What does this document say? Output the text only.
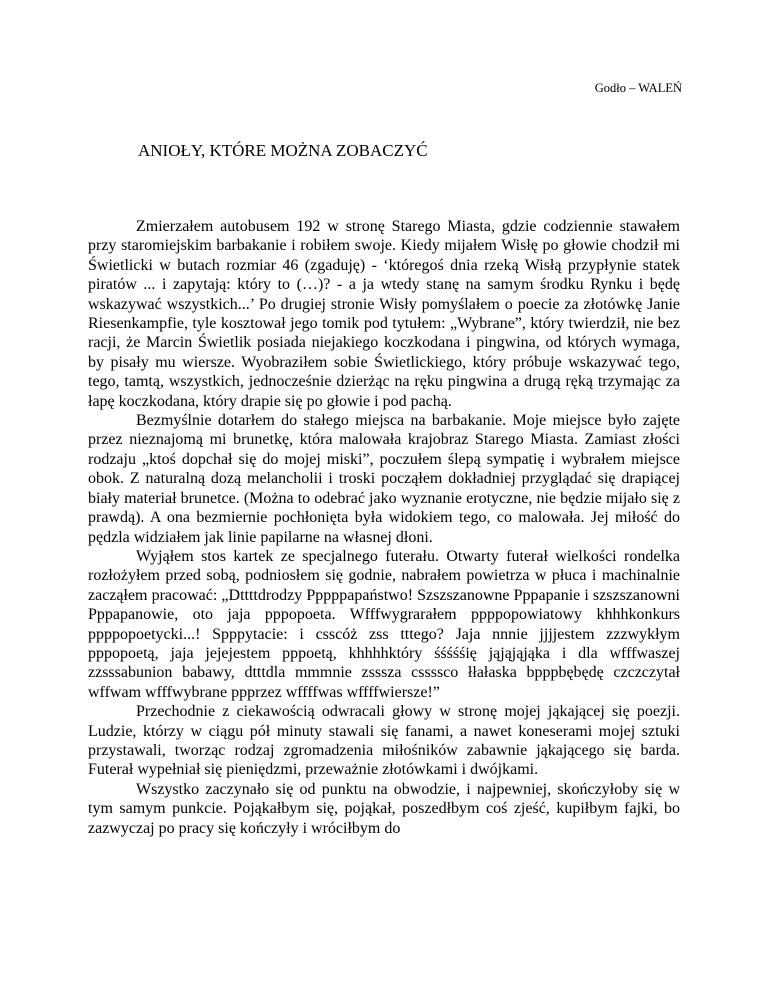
Godło – WALEŃ
ANIOŁY, KTÓRE MOŻNA ZOBACZYĆ

Zmierzałem autobusem 192 w stronę Starego Miasta, gdzie codziennie stawałem przy staromiejskim barbakanie i robiłem swoje. Kiedy mijałem Wisłę po głowie chodził mi Świetlicki w butach rozmiar 46 (zgaduję) - ‘któregoś dnia rzeką Wisłą przypłynie statek piratów ... i zapytają: który to (…)? - a ja wtedy stanę na samym środku Rynku i będę wskazywać wszystkich...’ Po drugiej stronie Wisły pomyślałem o poecie za złotówkę Janie Riesenkampfie, tyle kosztował jego tomik pod tytułem: „Wybrane”, który twierdził, nie bez racji, że Marcin Świetlik posiada niejakiego koczkodana i pingwina, od których wymaga, by pisały mu wiersze. Wyobraziłem sobie Świetlickiego, który próbuje wskazywać tego, tego, tamtą, wszystkich, jednocześnie dzierżąc na ręku pingwina a drugą ręką trzymając za łapę koczkodana, który drapie się po głowie i pod pachą.

Bezmyślnie dotarłem do stałego miejsca na barbakanie. Moje miejsce było zajęte przez nieznajomą mi brunetkę, która malowała krajobraz Starego Miasta. Zamiast złości rodzaju „ktoś dopchał się do mojej miski”, poczułem ślepą sympatię i wybrałem miejsce obok. Z naturalną dozą melancholii i troski począłem dokładniej przyglądać się drapiącej biały materiał brunetce. (Można to odebrać jako wyznanie erotyczne, nie będzie mijało się z prawdą). A ona bezmiernie pochłonięta była widokiem tego, co malowała. Jej miłość do pędzla widziałem jak linie papilarne na własnej dłoni.

Wyjąłem stos kartek ze specjalnego futerału. Otwarty futerał wielkości rondelka rozłożyłem przed sobą, podniosłem się godnie, nabrałem powietrza w płuca i machinalnie zacząłem pracować: „Dttttdrodzy Pppppapaństwo! Szszszanowne Pppapanie i szszszanowni Pppapanowie, oto jaja pppopoeta. Wfffwygrarałem ppppopowiatowy khhhkonkurs ppppopoetycki...! Spppytacie: i csscóż zss tttego? Jaja nnnie jjjjestem zzzwykłym pppopoetą, jaja jejejestem pppoetą, khhhhktóry śśśśśię jąjąjąjąka i dla wfffwaszej zzsssabunion babawy, dtttdla mmmnie zsssza cssssco łłałaska bpppbębędę czczczytał wffwam wfffwybrane ppprzez wffffwas wffffwiersze!”

Przechodnie z ciekawością odwracali głowy w stronę mojej jąkającej się poezji. Ludzie, którzy w ciągu pół minuty stawali się fanami, a nawet koneserami mojej sztuki przystawali, tworząc rodzaj zgromadzenia miłośników zabawnie jąkającego się barda. Futerał wypełniał się pieniędzmi, przeważnie złotówkami i dwójkami.

Wszystko zaczynało się od punktu na obwodzie, i najpewniej, skończyłoby się w tym samym punkcie. Pojąkałbym się, pojąkał, poszedłbym coś zjeść, kupiłbym fajki, bo zazwyczaj po pracy się kończyły i wróciłbym do
